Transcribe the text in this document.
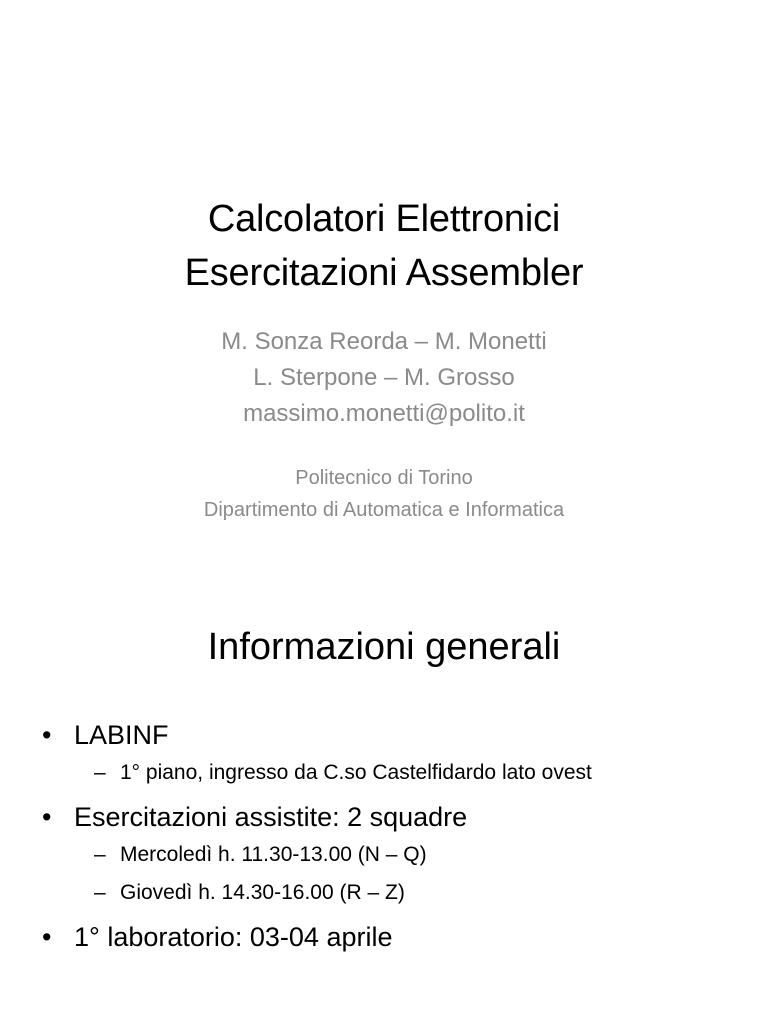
Calcolatori Elettronici
Esercitazioni Assembler
M. Sonza Reorda – M. Monetti
L. Sterpone – M. Grosso
massimo.monetti@polito.it
Politecnico di Torino
Dipartimento di Automatica e Informatica
Informazioni generali
• LABINF
– 1° piano, ingresso da C.so Castelfidardo lato ovest
• Esercitazioni assistite: 2 squadre
– Mercoledì h. 11.30-13.00 (N – Q)
– Giovedì h. 14.30-16.00 (R – Z)
• 1° laboratorio: 03-04 aprile
